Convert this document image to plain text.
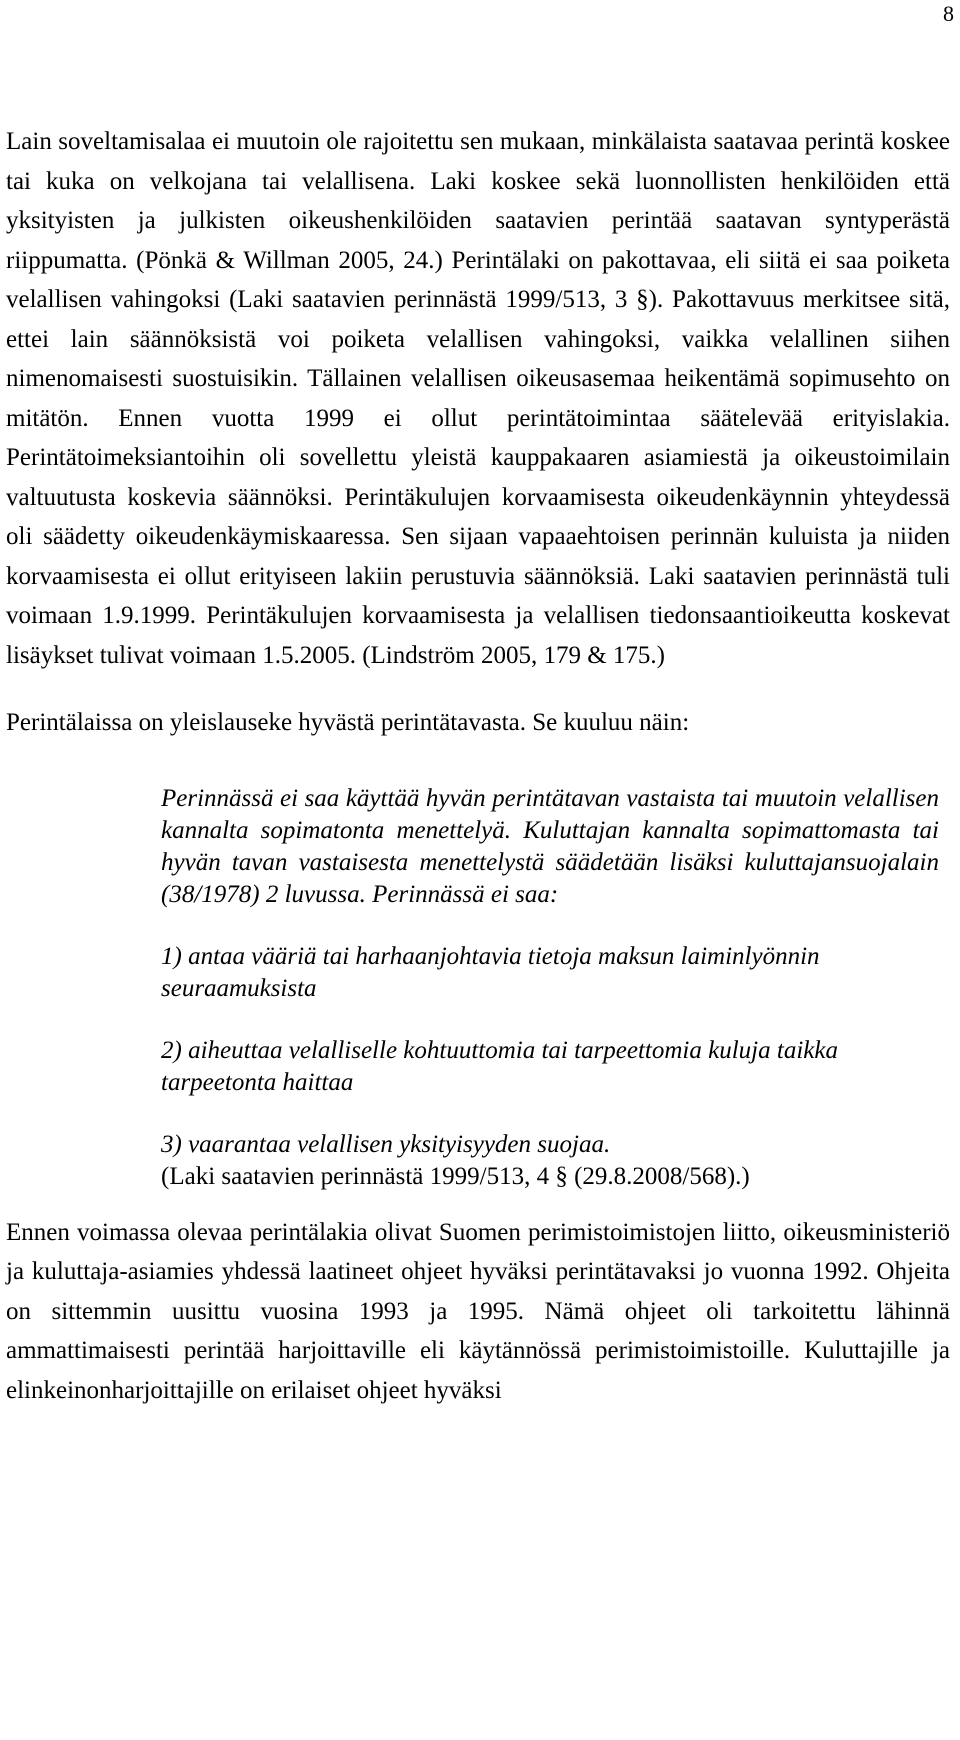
8

Lain soveltamisalaa ei muutoin ole rajoitettu sen mukaan, minkälaista saatavaa perintä koskee tai kuka on velkojana tai velallisena. Laki koskee sekä luonnollisten henkilöiden että yksityisten ja julkisten oikeushenkilöiden saatavien perintää saatavan syntyperästä riippumatta. (Pönkä & Willman 2005, 24.) Perintälaki on pakottavaa, eli siitä ei saa poiketa velallisen vahingoksi (Laki saatavien perinnästä 1999/513, 3 §). Pakottavuus merkitsee sitä, ettei lain säännöksistä voi poiketa velallisen vahingoksi, vaikka velallinen siihen nimenomaisesti suostuisikin. Tällainen velallisen oikeusasemaa heikentämä sopimusehto on mitätön. Ennen vuotta 1999 ei ollut perintätoimintaa säätelevää erityislakia. Perintätoimeksiantoihin oli sovellettu yleistä kauppakaaren asiamiestä ja oikeustoimilain valtuutusta koskevia säännöksi. Perintäkulujen korvaamisesta oikeudenkäynnin yhteydessä oli säädetty oikeudenkäymiskaaressa. Sen sijaan vapaaehtoisen perinnän kuluista ja niiden korvaamisesta ei ollut erityiseen lakiin perustuvia säännöksiä. Laki saatavien perinnästä tuli voimaan 1.9.1999. Perintäkulujen korvaamisesta ja velallisen tiedonsaantioikeutta koskevat lisäykset tulivat voimaan 1.5.2005. (Lindström 2005, 179 & 175.)

Perintälaissa on yleislauseke hyvästä perintätavasta. Se kuuluu näin:

Perinnässä ei saa käyttää hyvän perintätavan vastaista tai muutoin velallisen kannalta sopimatonta menettelyä. Kuluttajan kannalta sopimattomasta tai hyvän tavan vastaisesta menettelystä säädetään lisäksi kuluttajansuojalain (38/1978) 2 luvussa. Perinnässä ei saa:

1) antaa vääriä tai harhaanjohtavia tietoja maksun laiminlyönnin seuraamuksista

2) aiheuttaa velalliselle kohtuuttomia tai tarpeettomia kuluja taikka tarpeetonta haittaa

3) vaarantaa velallisen yksityisyyden suojaa.

(Laki saatavien perinnästä 1999/513, 4 § (29.8.2008/568).)

Ennen voimassa olevaa perintälakia olivat Suomen perimistoimistojen liitto, oikeusministeriö ja kuluttaja-asiamies yhdessä laatineet ohjeet hyväksi perintätavaksi jo vuonna 1992. Ohjeita on sittemmin uusittu vuosina 1993 ja 1995. Nämä ohjeet oli tarkoitettu lähinnä ammattimaisesti perintää harjoittaville eli käytännössä perimistoimistoille. Kuluttajille ja elinkeinonharjoittajille on erilaiset ohjeet hyväksi
